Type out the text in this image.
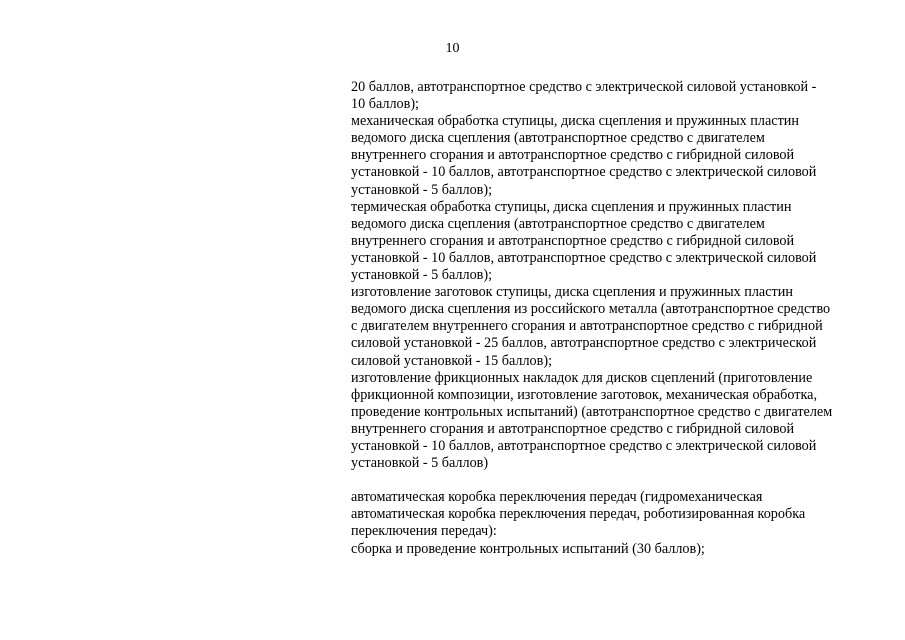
10
20 баллов, автотранспортное средство с электрической силовой установкой -
10 баллов);
механическая обработка ступицы, диска сцепления и пружинных пластин
ведомого диска сцепления (автотранспортное средство с двигателем
внутреннего сгорания и автотранспортное средство с гибридной силовой
установкой - 10 баллов, автотранспортное средство с электрической силовой
установкой - 5 баллов);
термическая обработка ступицы, диска сцепления и пружинных пластин
ведомого диска сцепления (автотранспортное средство с двигателем
внутреннего сгорания и автотранспортное средство с гибридной силовой
установкой - 10 баллов, автотранспортное средство с электрической силовой
установкой - 5 баллов);
изготовление заготовок ступицы, диска сцепления и пружинных пластин
ведомого диска сцепления из российского металла (автотранспортное средство
с двигателем внутреннего сгорания и автотранспортное средство с гибридной
силовой установкой - 25 баллов, автотранспортное средство с электрической
силовой установкой - 15 баллов);
изготовление фрикционных накладок для дисков сцеплений (приготовление
фрикционной композиции, изготовление заготовок, механическая обработка,
проведение контрольных испытаний) (автотранспортное средство с двигателем
внутреннего сгорания и автотранспортное средство с гибридной силовой
установкой - 10 баллов, автотранспортное средство с электрической силовой
установкой - 5 баллов)
автоматическая коробка переключения передач (гидромеханическая
автоматическая коробка переключения передач, роботизированная коробка
переключения передач):
сборка и проведение контрольных испытаний (30 баллов);
